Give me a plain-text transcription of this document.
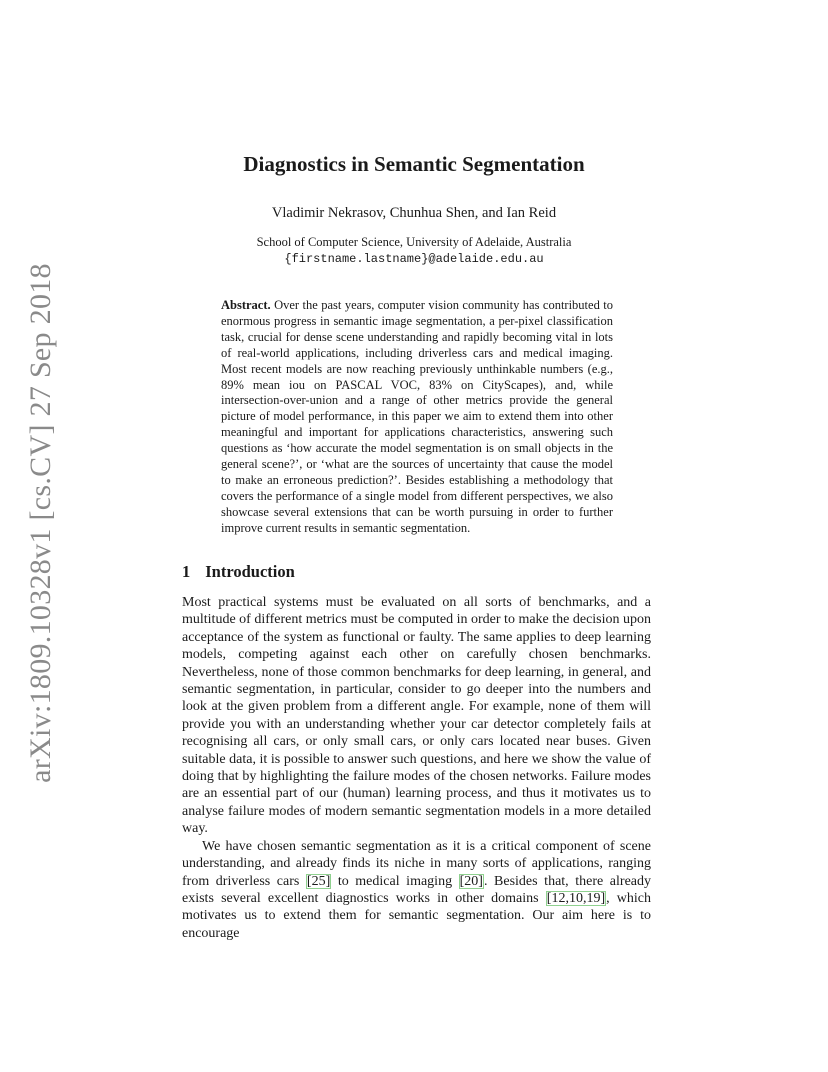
arXiv:1809.10328v1 [cs.CV] 27 Sep 2018
Diagnostics in Semantic Segmentation
Vladimir Nekrasov, Chunhua Shen, and Ian Reid
School of Computer Science, University of Adelaide, Australia
{firstname.lastname}@adelaide.edu.au
Abstract. Over the past years, computer vision community has contributed to enormous progress in semantic image segmentation, a per-pixel classification task, crucial for dense scene understanding and rapidly becoming vital in lots of real-world applications, including driverless cars and medical imaging. Most recent models are now reaching previously unthinkable numbers (e.g., 89% mean iou on PASCAL VOC, 83% on CityScapes), and, while intersection-over-union and a range of other metrics provide the general picture of model performance, in this paper we aim to extend them into other meaningful and important for applications characteristics, answering such questions as ‘how accurate the model segmentation is on small objects in the general scene?’, or ‘what are the sources of uncertainty that cause the model to make an erroneous prediction?’. Besides establishing a methodology that covers the performance of a single model from different perspectives, we also showcase several extensions that can be worth pursuing in order to further improve current results in semantic segmentation.
1 Introduction

Most practical systems must be evaluated on all sorts of benchmarks, and a multitude of different metrics must be computed in order to make the decision upon acceptance of the system as functional or faulty. The same applies to deep learning models, competing against each other on carefully chosen benchmarks. Nevertheless, none of those common benchmarks for deep learning, in general, and semantic segmentation, in particular, consider to go deeper into the numbers and look at the given problem from a different angle. For example, none of them will provide you with an understanding whether your car detector completely fails at recognising all cars, or only small cars, or only cars located near buses. Given suitable data, it is possible to answer such questions, and here we show the value of doing that by highlighting the failure modes of the chosen networks. Failure modes are an essential part of our (human) learning process, and thus it motivates us to analyse failure modes of modern semantic segmentation models in a more detailed way.

We have chosen semantic segmentation as it is a critical component of scene understanding, and already finds its niche in many sorts of applications, ranging from driverless cars [25] to medical imaging [20]. Besides that, there already exists several excellent diagnostics works in other domains [12,10,19], which motivates us to extend them for semantic segmentation. Our aim here is to encourage
